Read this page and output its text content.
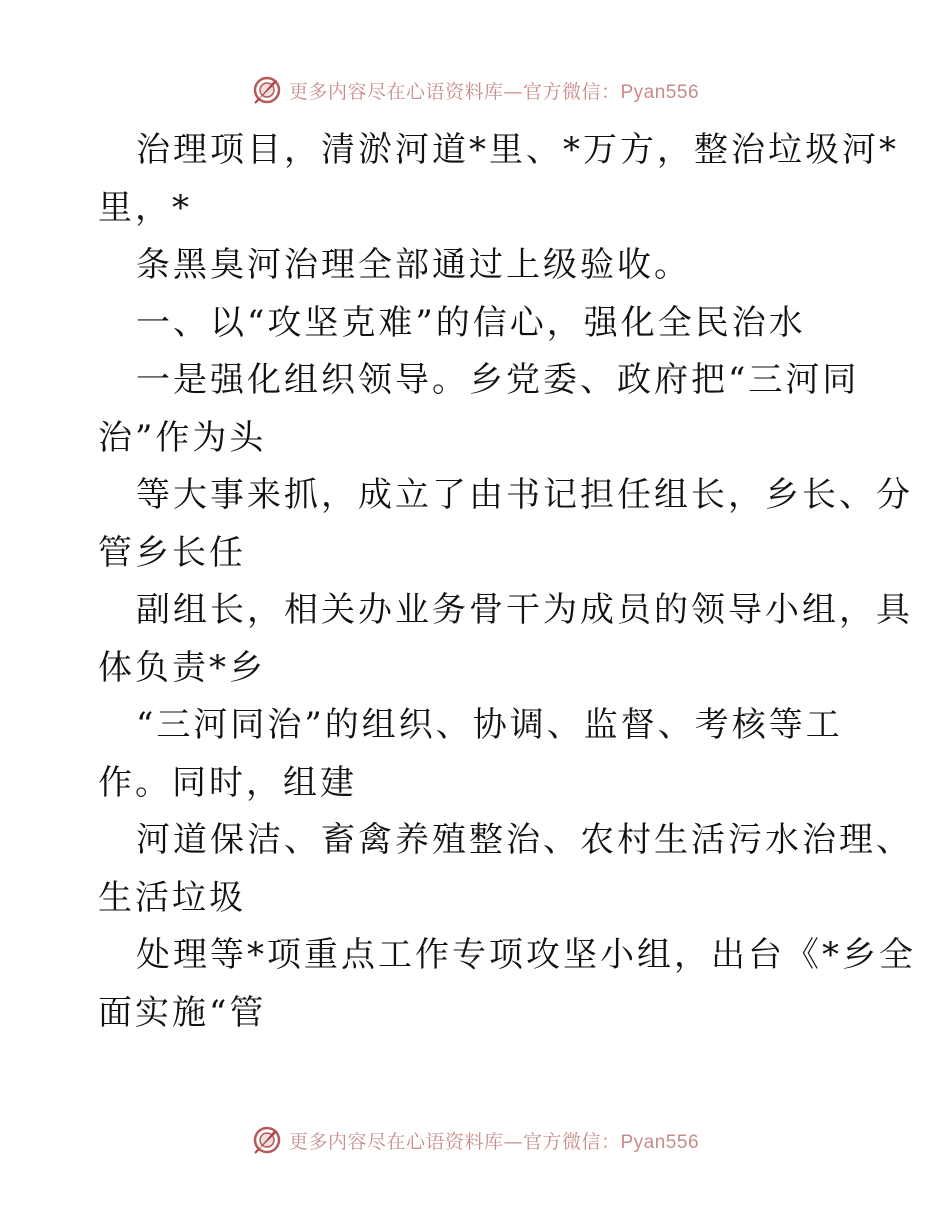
更多内容尽在心语资料库—官方微信：Pyan556
治理项目，清淤河道*里、*万方，整治垃圾河*
里，*
条黑臭河治理全部通过上级验收。
一、以“攻坚克难”的信心，强化全民治水
一是强化组织领导。乡党委、政府把“三河同
治”作为头
等大事来抓，成立了由书记担任组长，乡长、分
管乡长任
副组长，相关办业务骨干为成员的领导小组，具
体负责*乡
“三河同治”的组织、协调、监督、考核等工
作。同时，组建
河道保洁、畜禽养殖整治、农村生活污水治理、
生活垃圾
处理等*项重点工作专项攻坚小组，出台《*乡全
面实施“管
更多内容尽在心语资料库—官方微信：Pyan556
